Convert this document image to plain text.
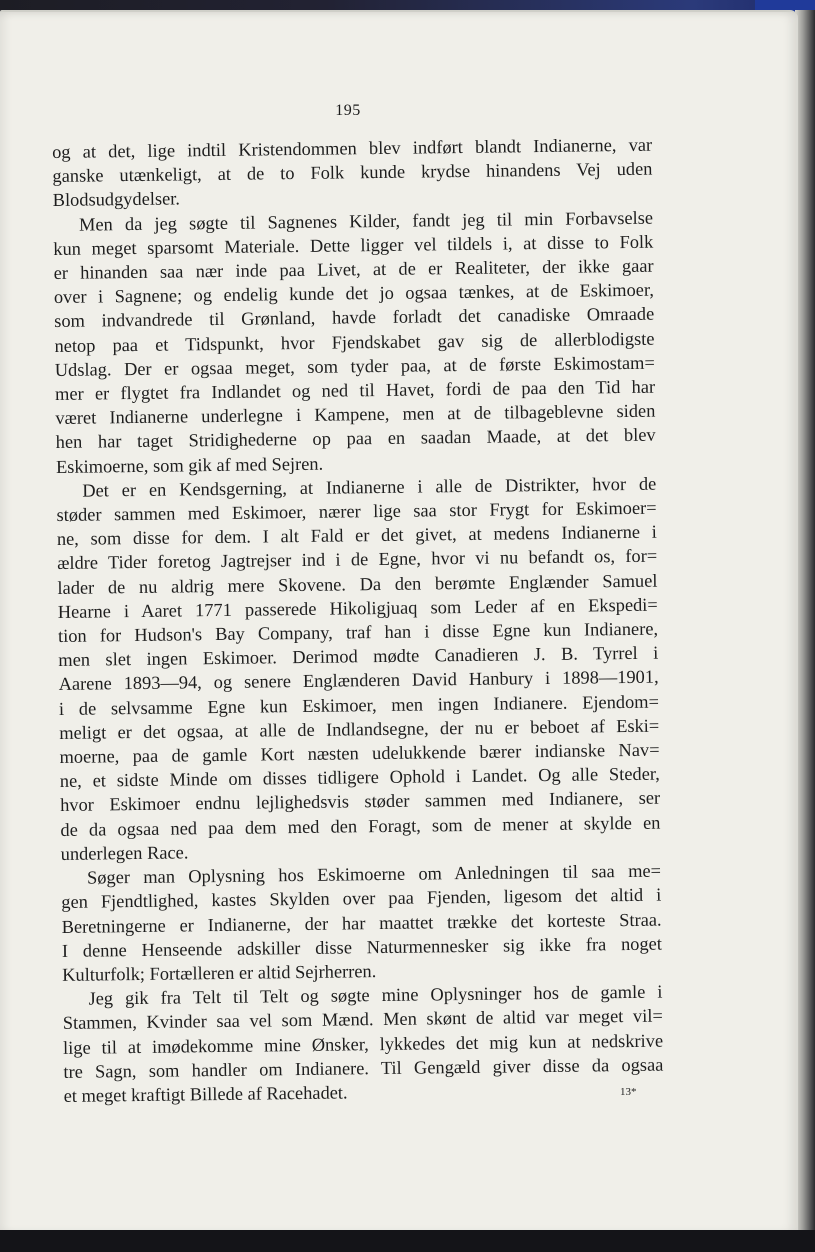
195
og at det, lige indtil Kristendommen blev indført blandt Indianerne, var
ganske utænkeligt, at de to Folk kunde krydse hinandens Vej uden
Blodsudgydelser.
Men da jeg søgte til Sagnenes Kilder, fandt jeg til min Forbavselse
kun meget sparsomt Materiale. Dette ligger vel tildels i, at disse to Folk
er hinanden saa nær inde paa Livet, at de er Realiteter, der ikke gaar
over i Sagnene; og endelig kunde det jo ogsaa tænkes, at de Eskimoer,
som indvandrede til Grønland, havde forladt det canadiske Omraade
netop paa et Tidspunkt, hvor Fjendskabet gav sig de allerblodigste
Udslag. Der er ogsaa meget, som tyder paa, at de første Eskimostam=
mer er flygtet fra Indlandet og ned til Havet, fordi de paa den Tid har
været Indianerne underlegne i Kampene, men at de tilbageblevne siden
hen har taget Stridighederne op paa en saadan Maade, at det blev
Eskimoerne, som gik af med Sejren.
Det er en Kendsgerning, at Indianerne i alle de Distrikter, hvor de
støder sammen med Eskimoer, nærer lige saa stor Frygt for Eskimoer=
ne, som disse for dem. I alt Fald er det givet, at medens Indianerne i
ældre Tider foretog Jagtrejser ind i de Egne, hvor vi nu befandt os, for=
lader de nu aldrig mere Skovene. Da den berømte Englænder Samuel
Hearne i Aaret 1771 passerede Hikoligjuaq som Leder af en Ekspedi=
tion for Hudson's Bay Company, traf han i disse Egne kun Indianere,
men slet ingen Eskimoer. Derimod mødte Canadieren J. B. Tyrrel i
Aarene 1893—94, og senere Englænderen David Hanbury i 1898—1901,
i de selvsamme Egne kun Eskimoer, men ingen Indianere. Ejendom=
meligt er det ogsaa, at alle de Indlandsegne, der nu er beboet af Eski=
moerne, paa de gamle Kort næsten udelukkende bærer indianske Nav=
ne, et sidste Minde om disses tidligere Ophold i Landet. Og alle Steder,
hvor Eskimoer endnu lejlighedsvis støder sammen med Indianere, ser
de da ogsaa ned paa dem med den Foragt, som de mener at skylde en
underlegen Race.
Søger man Oplysning hos Eskimoerne om Anledningen til saa me=
gen Fjendtlighed, kastes Skylden over paa Fjenden, ligesom det altid i
Beretningerne er Indianerne, der har maattet trække det korteste Straa.
I denne Henseende adskiller disse Naturmennesker sig ikke fra noget
Kulturfolk; Fortælleren er altid Sejrherren.
Jeg gik fra Telt til Telt og søgte mine Oplysninger hos de gamle i
Stammen, Kvinder saa vel som Mænd. Men skønt de altid var meget vil=
lige til at imødekomme mine Ønsker, lykkedes det mig kun at nedskrive
tre Sagn, som handler om Indianere. Til Gengæld giver disse da ogsaa
et meget kraftigt Billede af Racehadet.	13*
